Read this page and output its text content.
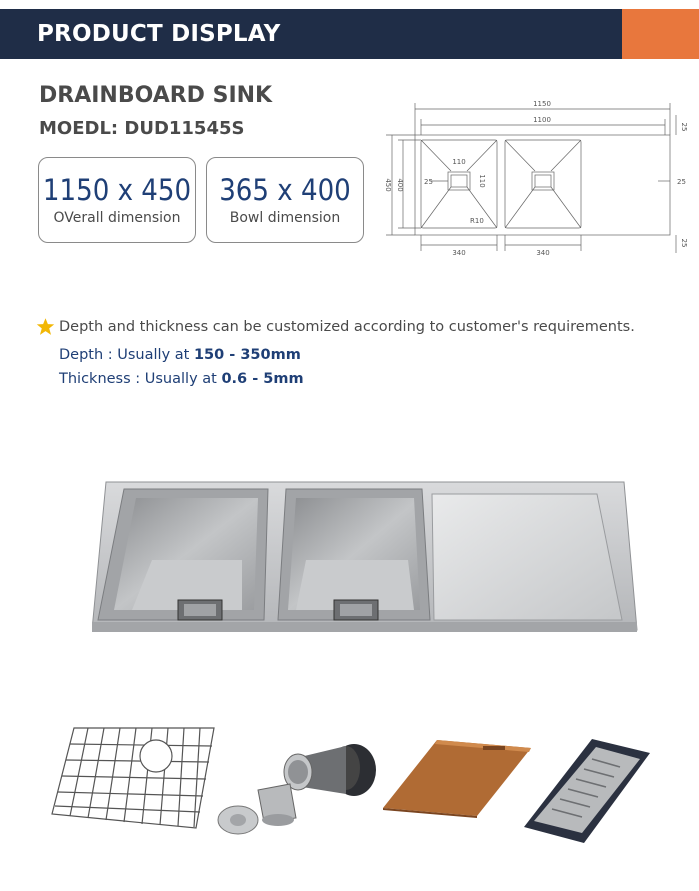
PRODUCT DISPLAY
DRAINBOARD SINK
MOEDL: DUD11545S
1150 x 450
OVerall dimension
365 x 400
Bowl dimension
1150
1100
450 400
110
110
25	25
25
25
R10
340	340
Depth and thickness can be customized according to customer's requirements.
Depth : Usually at 150 - 350mm
Thickness : Usually at 0.6 - 5mm
